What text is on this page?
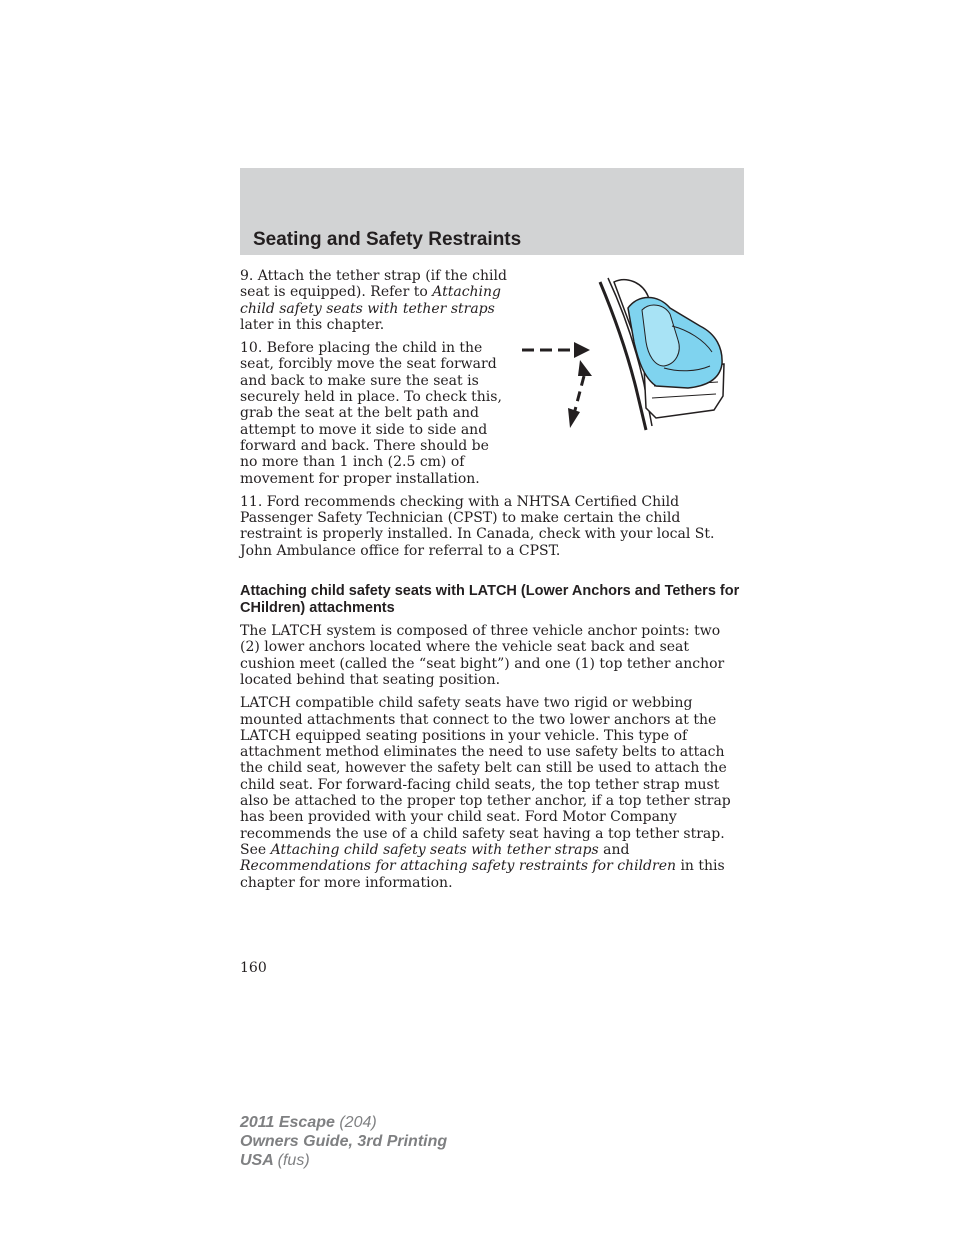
Seating and Safety Restraints

9. Attach the tether strap (if the child seat is equipped). Refer to Attaching child safety seats with tether straps later in this chapter.

10. Before placing the child in the seat, forcibly move the seat forward and back to make sure the seat is securely held in place. To check this, grab the seat at the belt path and attempt to move it side to side and forward and back. There should be no more than 1 inch (2.5 cm) of movement for proper installation.

11. Ford recommends checking with a NHTSA Certified Child Passenger Safety Technician (CPST) to make certain the child restraint is properly installed. In Canada, check with your local St. John Ambulance office for referral to a CPST.

Attaching child safety seats with LATCH (Lower Anchors and Tethers for CHildren) attachments

The LATCH system is composed of three vehicle anchor points: two (2) lower anchors located where the vehicle seat back and seat cushion meet (called the “seat bight”) and one (1) top tether anchor located behind that seating position.

LATCH compatible child safety seats have two rigid or webbing mounted attachments that connect to the two lower anchors at the LATCH equipped seating positions in your vehicle. This type of attachment method eliminates the need to use safety belts to attach the child seat, however the safety belt can still be used to attach the child seat. For forward-facing child seats, the top tether strap must also be attached to the proper top tether anchor, if a top tether strap has been provided with your child seat. Ford Motor Company recommends the use of a child safety seat having a top tether strap. See Attaching child safety seats with tether straps and Recommendations for attaching safety restraints for children in this chapter for more information.

160
2011 Escape (204)
Owners Guide, 3rd Printing
USA (fus)
